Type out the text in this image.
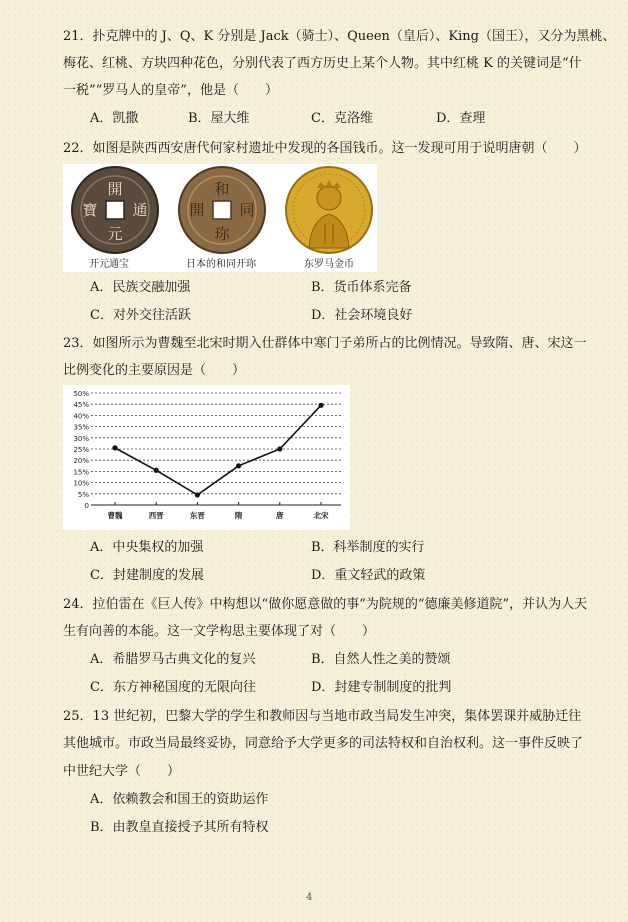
21．扑克牌中的 J、Q、K 分别是 Jack（骑士）、Queen（皇后）、King（国王），又分为黑桃、
梅花、红桃、方块四种花色，分别代表了西方历史上某个人物。其中红桃 K 的关键词是“什
一税”“罗马人的皇帝”，他是（　　）
A．凯撒	B．屋大维	C．克洛维	D．查理
22．如图是陕西西安唐代何家村遗址中发现的各国钱币。这一发现可用于说明唐朝（　　）
開
元
通
寶
和
同
開
珎
开元通宝	日本的和同开珎	东罗马金币
A．民族交融加强	B．货币体系完备
C．对外交往活跃	D．社会环境良好
23．如图所示为曹魏至北宋时期入仕群体中寒门子弟所占的比例情况。导致隋、唐、宋这一
比例变化的主要原因是（　　）
0
5%
10%
15%
20%
25%
30%
35%
40%
45%
50%
曹魏	西晋	东晋	隋	唐	北宋
A．中央集权的加强	B．科举制度的实行
C．封建制度的发展	D．重文轻武的政策
24．拉伯雷在《巨人传》中构想以“做你愿意做的事”为院规的“德廉美修道院”，并认为人天
生有向善的本能。这一文学构思主要体现了对（　　）
A．希腊罗马古典文化的复兴	B．自然人性之美的赞颂
C．东方神秘国度的无限向往	D．封建专制制度的批判
25．13 世纪初，巴黎大学的学生和教师因与当地市政当局发生冲突，集体罢课并威胁迁往
其他城市。市政当局最终妥协，同意给予大学更多的司法特权和自治权利。这一事件反映了
中世纪大学（　　）
A．依赖教会和国王的资助运作
B．由教皇直接授予其所有特权
4
